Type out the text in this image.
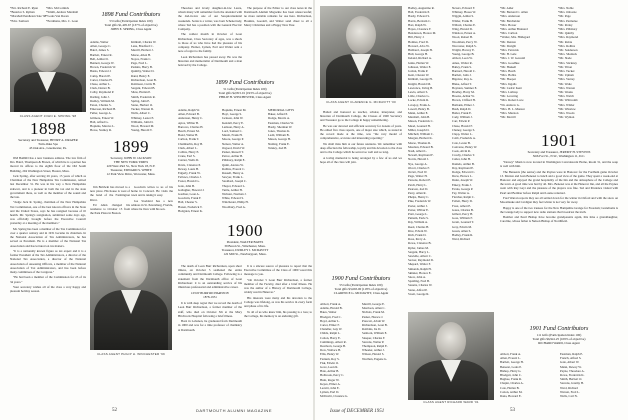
*Ern. Richard E. Ryan
*Beatrice S. Ryman
*Marshall Pendleton Sale '98
*Edw. Sanborn

*Mrs. McCormick
*Smith, Andrew Marshall
*Louis Van Doren
*Eerdmans, Mrs. C. Leon

CLASS AGENT JOHN E. SPRING '98
1898
Secretary and Treasurer, HENRY A. DRAPER
Twin-Oaks Spa
43 Oak Ave., Greenwater, Pa.

JIM BAIRD has a new business address. The law firm of Drs. Baird, Thompson & Brown, of which he is a partner has moved its offices to the eighth floor of the Old South Building, 294 Washington Street, Boston, Mass.

Jack Spring, after serving 26 years, 15 years of which as Chairman of the New Hampshire Tax Commission, retired last December 31. He was in his way a New Hampshire stalwart, and is a pioneer in both the tax and in the state government there, as well as the member of the sound and the late.

"Judge Jack R. Spring, chairman of the New Hampshire Tax Commission, one of the best known officers in the State and the United States, says he has resigned because of ill health. Mr. Spring's resignation, submitted some days ago, was officially brought before the Executive Council yesterday at a meeting of the members."

Mr. Spring has been a member of the Tax Commission for over a quarter century and in 1931 became its chairman. In the National Association of Tax Administrators, he has served as President. He is a member of the National Tax Association and has lectured on tax matters.

"It is a nationally known figure as tax expert and it is a former President of the Tax Administrators, a director of the National Tax Association, a director of the National Association of Assessing Officers, a member of the National Association of Tax Administrators, and has been before many committees of the Congress."

"He had been a member of the Commission for 25 of its 34 years."

Your secretary wishes all of the class a very happy and pleasant holiday season.

1898 Fund Contributors
53 Gifts (Participation Index 100)
Total gifts $1,405.67 (137% of objective)
JOHN E. SPRING, Class Agent

Adams, Walter
Allen, George C.
Baird, James S.
Bartlett, Ernest R.
Bell, Arthur D.
Bennett, George W.
Brown, Frederick W.
Burns, Edward J.
Camp, Harold E.
Carter, Charles H.
Chase, Arthur L.
Clark, Dexter B.
Colby, Raymond P.
Darling, John J.
Dudley, William M.
Eaton, Charles S.
Emerson, Richard B.
Fuller, George A.
Gilmore, Ernest W.
Hall, Alfred G.
Hopkins, Marcus L.
Howe, Stanley R.

Kimball, Charles W.
Lane, Bradford C.
Merrill, Herbert J.
Morse, Allen H.
Noyes, Frank C.
Page, Fred L.
Perkins, Harry B.
Quimby, Walter D.
Rand, Henry E.
Richardson, Leon B.
Robinson, Curtis H.
Sargent, Edward B.
Shaw, Harlan P.
Smith, Frederick R.
Spring, John E.
Stone, Herbert O.
Tucker, Warren D.
Wells, Albert C.
Whitney, Lester E.
Williams, John D.
Wood, Howard M.
Young, Harold T.

1899
Secretary, JOHN W. JACKSON
THE NEW YORK TIMES
229 West 43rd St., New York 18, N.Y.
Treasurer, EDWARD S. WHITE
12 Park View Drive, Worcester, Mass.

Jim Baldwin has moved to a new place. His house is west of the bend of the Farmington River.

Ed Allen changed his residence to October 15 from the Park Plaza in Boston.

Goodwin writes to us of his home in Concord. He visits the town and is taking it easy.

Joe Stoddard has a new address in St. Petersburg, Florida, where he lives with his son.

CLASS AGENT PHILIP H. WINCHESTER '99

Theodore and lovely daughter-in-law Laura, whom many will remember from the attended with the dad-in-law one of our Sesquicentennial weekends. Sonia is a writer, was born Schenectady, where Ted has a position with the General Electric Company.

The coldest month in October of Leon Richardson, Class Secretary of ages, was a shock to those of us who have had the pleasure of his company. Homer, Lyman, Earl and Walter sent a note of regret to the family.

Leon Richardson has passed away. He was the historian and memorialist of Dartmouth and a man beloved by the College.

The purpose of the Editor to out class notes in the Dartmouth Alumni Magazine has been unsuccessful; no more suitable remarks for use here. Richardson, Hoskins, Goodell, and Walter send cheer to all a Merry Christmas and a Happy New Year.

1899 Fund Contributors
51 Gifts (Participation Index 100)
Total gifts $2,815.01 (193% of objective)
PHILIP H. WINCHESTER, Class Agent

Adams, Ralph W.
Allen, Edward B.
Anderson, Henry C.
Ayres, Wilbur B.
Barrows, Charles H.
Beach, Ernest M.
Bond, Walter H.
Carlton, Frank T.
Chamberlin, Roy B.
Clark, Albert L.
Collins, Harry E.
Crane, Earl S.
Currier, Wells D.
Davis, Clarence P.
Dewey, Louis H.
Edgerly, Frank W.
Fellows, Charles J.
Foster, Harold G.
Gale, John B.
Gallagher, Howard J.
Gardner, Leon A.
Goodwin, Frank F.
Hall, Chester S.
Hazen, Frederick T.
Hodgdon, Ernest K.

Hopkins, Ernest M.
Hoyt, George S.
Jackson, John W.
Kendall, Percy E.
Lamson, Harry A.
Lord, Samuel C.
Marsh, Frank H.
Moore, George P.
Nelson, Walter A.
Osgood, David W.
Parker, Russell T.
Peirce, Arthur B.
Pillsbury, Ralph E.
Quint, Alonzo W.
Rollins, Everett C.
Russell, Henry A.
Sawyer, Frank L.
Stoddard, Joseph C.
Thayer, Edward L.
Tuttle, Arthur H.
Webster, Norman J.
White, Edward S.
Winchester, Philip H.
Woodbury, Fred A.

MEMORIAL GIFTS
Baker, Alfred P.
Dodge, Morris A.
Eastman, Charles W.
Hardy, Sherman W.
Jones, Thomas K.
Ladd, William B.
Mason, George H.
Nutting, Frank E.
Tenney, Joel H.

1900
President, WALTER BATES
39 Bacon St., Winchester, Mass.
Treasurer, DUDLEY J. MCDAVITT
122 Mill St., Newburyport, Mass.

The death of Leon Burr Richardson, upon short illness, on October 5 saddened the entire community and Dartmouth College. Following is a statement from the Dartmouth office of Leon Richardson: it is an outstanding service of his illustrious professorial and administrative career.

LEON BURR RICHARDSON
1878-1951

It is with deep regret that we record the death of Leon Burr Richardson, a former member of the staff, who died on October 5th at the Mary Hitchcock Hospital following a brief illness.

Born in Lebanon, he graduated from Dartmouth in 1900 and was for a time professor of chemistry at Dartmouth.

It is a sincere source of pleasure to report that the Executive Committee of the Class of 1900 voted this message to you.

"On October 5 Leon Burr Richardson, a former member of the Faculty, died after a brief illness. He was the author of a History of Dartmouth College, widely read in Hanover."

His interests were many and his devotion to the College was lifelong, as was his service in every form and phase of its life.

To all of us who knew him, his passing is a loss; to the College, his memory is an enduring gift.

52	DARTMOUTH ALUMNI MAGAZINE
CLASS AGENT CLARENCE G. MCDAVITT '00

Hailed and honored as teacher, scholar, interpreter, and historian of Dartmouth College, the Classes of 1900 Secretary and Treasurer go to the College in happy remembering.

He was our devoted and efficient secretary for dozens of years. He edited five class reports, one of major size which, as stated in the record made at the time, was "the very model of comprehensive, accurate and interesting reporting."

We shall miss him at our future reunions. We remember with deep affection the fellowship, loyalty and his devotion to the class and to the College which he served so well and so long.

A loving memorial is being arranged by a few of us and we hope all of the class will join.

1900 Fund Contributors
55 Gifts (Participation Index 100)
Total gifts $3,665.00 (118% of objective)
CLARENCE G. MCDAVITT, Class Agent

Abbott, Frank A.
Adams, Harold B.
Bates, Walter
Blodgett, Fred C.
Boyd, Arthur L.
Carter, Elmer F.
Chandler, Guy W.
Childs, Ralph L.
Colton, Harry E.
Cummings, Albert R.
Dearborn, George B.
Dow, Wallace H.
Ellis, Henry W.
Farnum, Roy S.
Fisk, Edwin O.
Gove, Leon R.
Hale, Arthur B.
Holbrook, Percy C.
Hunt, Roger W.
Keyes, Elmer A.
Leavitt, John E.
Lyman, Earl D.
McDavitt, Clarence G.

Merrill, George E.
Morrison, Allen C.
Nichols, Frank M.
Parker, Horace J.
Prescott, Alvah W.
Richardson, Leon B.
Robbins, Ira D.
Sanborn, William E.
Sleeper, Charles F.
Stevens, Walter P.
Thompson, Ralph E.
Wheeler, Arthur J.
Wilson, Harold S.
Worthen, Eugene G.

Hadley, Augustine R.
Hall, Frederick P.
Hardy, Edward S.
Harris, Bertram C.
Hart, Ralph W.
Hayes, Clarence F.
Henderson, Horace M.
Hill, Harry J.
Holmes, Fred D.
Howard, Alva W.
Hubbard, Joseph H.
Hull, George H.
Ireland, Richard A.
Jenks, Harlan W.
Johnson, Walter E.
Jordan, Frank P.
Kent, Chester W.
Kimball, George H.
Knight, Harold M.
Lawrence, Irving B.
Lewis, Albert S.
Little, Charles G.
Locke, Edwin R.
Lovejoy, Frank A.
Lowell, Henry B.
Mann, Arthur E.
Marshall, John B.
Mason, Frederick C.
Mead, Leonard H.
Miller, Joseph D.
Mitchell, William C.
Morgan, Herbert K.
Morse, Thomas R.
Moulton, Edward B.
Nash, Albert L.
Newell, Raymond F.
Norris, Harold J.
Nye, George A.
Olcott, Charles F.
Orcutt, Fred W.
Page, Walter H.
Parsons, Robert E.
Patch, Harry L.
Pearson, Joel D.
Perry, Allen R.
Phelps, Henry C.
Pike, Frederick W.
Porter, Arthur J.
Potter, Wilbur E.
Pratt, George L.
Putnam, Earle S.
Ray, William A.
Reed, Charles H.
Rice, Edwin W.
Rich, Frank D.
Ross, Percy A.
Rowe, Clarence B.
Ryder, James M.
Sargent, Harry L.
Sawtelle, Albert C.
Seaver, Raymond D.
Shepard, Walter F.
Simonds, Ralph H.
Skinner, Horace E.
Snow, John A.
Spalding, Fred B.
Stearns, Charles W.
Stone, Alfred P.
Swett, George R.

Nevers, Edward F.
Whitney, Hosea W.
Wiggin, Arthur S.
Wilder, Frank H.
Willard, Charles E.
Wing, Harold D.
Winslow, Ernest A.
Wood, Robert B.
Woodman, Percy W.
Worcester, Ralph S.
Wright, Harvey E.
Young, George B.
Abbott, Leon W.
Ames, Walter R.
Bailey, Frank S.
Barnard, Harold C.
Bartlett, John J.
Bigelow, Roy A.
Blake, Alfred T.
Boynton, Sumner E.
Bradley, Harry M.
Brooks, Arthur W.
Brown, Clifford H.
Burbank, Elmer J.
Bush, Ralph D.
Butler, Frank E.
Cady, William J.
Carr, Edwin P.
Chase, Harold F.
Cheney, George S.
Clapp, Walter L.
Cobb, Frederick A.
Cole, Lester B.
Converse, Henry W.
Cook, Alvin R.
Crosby, Charles T.
Cutler, John H.
Daniels, Arthur B.
Day, Raymond E.
Dodge, Edward C.
Drew, Horace L.
Dunn, Joseph W.
Emery, Frank J.
Evans, George P.
Fay, Walter A.
Fletcher, Ralph C.
Follett, Harry D.
Frost, Albert E.
Gates, Charles B.
Gilbert, Percy H.
Goss, William F.
Grant, Leonard T.
Gray, Edwin M.
Green, Allen S.
Hadley, Frank R.
Ward, Richard

CLASS AGENT RICHARD WARD '01

*Mr. Alder
*Mr. Bernard C. Allen
*Mrs. Anderson
*Mr. Batchelder
*Mrs. Bower
*Mrs. Arthur Brainard
*Mrs. Carlton
*Walter, Mrs. Hildegard
*Mr. Denton
*Mr. Dwight
*Mrs. Fenwick
*Mr. H. Gale
*Mrs. J. W. Gerould
*Mrs. Goodhue
*Mr. Haskell
*Mrs. Heath
*Mrs. Hobbs
*Mr. Hooper
*Mrs. Ingalls
*Mr. Cedric Kent
*Mrs. Lathrop
*Mr. Lovering
*Mrs. Robert Luce
*Dr. Andrew G.
*Mrs. H. L. Mansur
*Mrs. Marston
*Mr. Morrill

*Mrs. Noble
*Mrs. Osborne
*Mr. Page
*Mrs. Parmelee
*Mr. Perley
*Mrs. Pillsbury
*Mr. Quinby
*Mrs. Raymond
*Mr. Robie
*Mrs. Rollins
*Mr. Sanderson
*Mrs. Shattuck
*Mr. Slade
*Mrs. Stickney
*Mr. Tilton
*Mrs. Tucker
*Mr. Upham
*Mrs. Varney
*Mr. Waite
*Mrs. Warren
*Mr. Weeks
*Mrs. Welch
*Mr. Whitcomb
*Mrs. Wilder
*Mr. Winslow
*Mrs. Woods
*Mr. Wyman

1901
Secretary and Treasurer, JEREMY H. STEVENS
56th Fort St., N.W., Washington 11, D.C.

"Dewey" Mann is now located in Washington Convalescent Home, Room 31, and the soup is well with him.

The Benezets (the senior) and the Paynes were in Hanover for the Fordham game October 13. Marion and Jean Benezet to lunch and a good view of the game. They spent a week-end at Hanover and enjoyed the grand hospitality of the Inn and the atmosphere of the College and the town. A good time was had by all. Mrs. Benezet was at the Hanover Inn, and all the Paynes went with Ray Gayt and the pleasure of the players was fine. Ted and Prudence visited with Pearl and Bomber before Ralph and Louise returned.

Fred Warren reports they are all settled down for the winter in Oxford and with the snow on Moosilauke and Cardigan they feel winter is not very far away.

Happy is one of the two trustees for the New Hampshire Grange for Freedom; Grandtoms is the Grange lady to support new radio stations that broadcast the truth.

Bomber and Pearl Bishop have become grandparents again, this time a granddaughter, Caroline, whose father is Nelson Bishop of Northfield.

1901 Fund Contributors
111 Gifts (Participation Index 100)
Total gifts $6,941.25 (109% of objective)
RICHARD WARD, Class Agent

Abbott, Frank A.
Allen, Everett L.
Bartlett, George H.
Benezet, Louis P.
Bishop, Harry G.
Blodgett, John C.
Bugbee, Frank R.
Chapin, Charles A.
Cole, Harlan B.
Cotton, Arthur M.
Dana, Howard E.

Eastman, Ralph E.
French, Alfred S.
Gale, Albert W.
Mann, Dewey W.
Payne, Theodore A.
Rowe, Frederick K.
Smith, Herbert O.
Stevens, Jeremy H.
Ward, Richard
Warren, Fred L.
Wells, Carl N.

Issue of DECEMBER 1951	53
